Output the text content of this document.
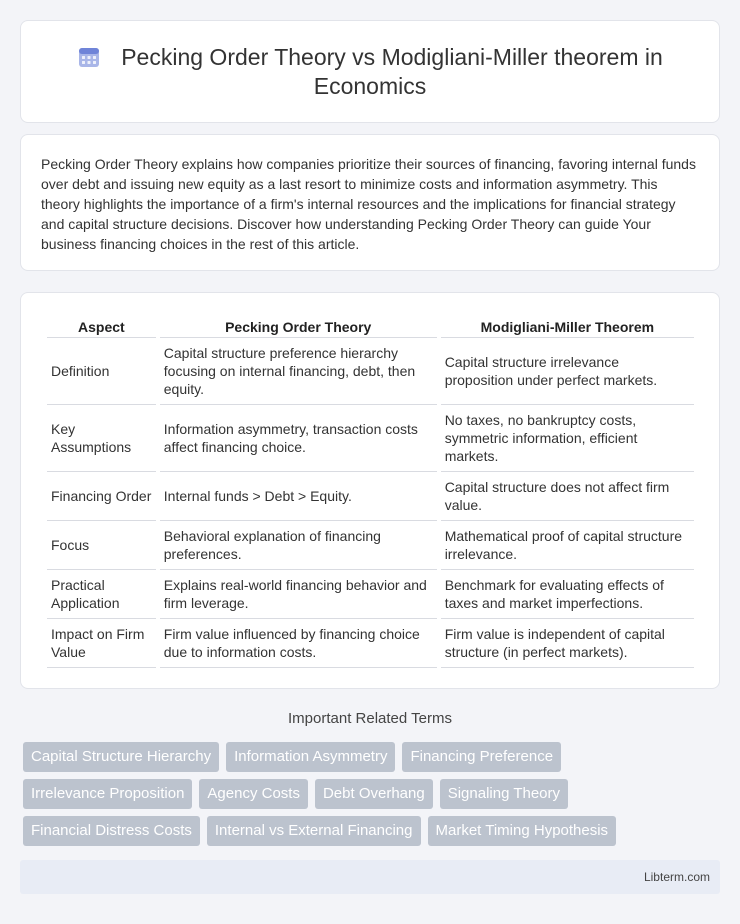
Pecking Order Theory vs Modigliani-Miller theorem in Economics

Pecking Order Theory explains how companies prioritize their sources of financing, favoring internal funds over debt and issuing new equity as a last resort to minimize costs and information asymmetry. This theory highlights the importance of a firm's internal resources and the implications for financial strategy and capital structure decisions. Discover how understanding Pecking Order Theory can guide Your business financing choices in the rest of this article.

Aspect	Pecking Order Theory	Modigliani-Miller Theorem
Definition	Capital structure preference hierarchy focusing on internal financing, debt, then equity.	Capital structure irrelevance proposition under perfect markets.
Key Assumptions	Information asymmetry, transaction costs affect financing choice.	No taxes, no bankruptcy costs, symmetric information, efficient markets.
Financing Order	Internal funds > Debt > Equity.	Capital structure does not affect firm value.
Focus	Behavioral explanation of financing preferences.	Mathematical proof of capital structure irrelevance.
Practical Application	Explains real-world financing behavior and firm leverage.	Benchmark for evaluating effects of taxes and market imperfections.
Impact on Firm Value	Firm value influenced by financing choice due to information costs.	Firm value is independent of capital structure (in perfect markets).
Important Related Terms
Capital Structure Hierarchy	Information Asymmetry	Financing Preference
Irrelevance Proposition	Agency Costs	Debt Overhang	Signaling Theory
Financial Distress Costs	Internal vs External Financing	Market Timing Hypothesis
Libterm.com
